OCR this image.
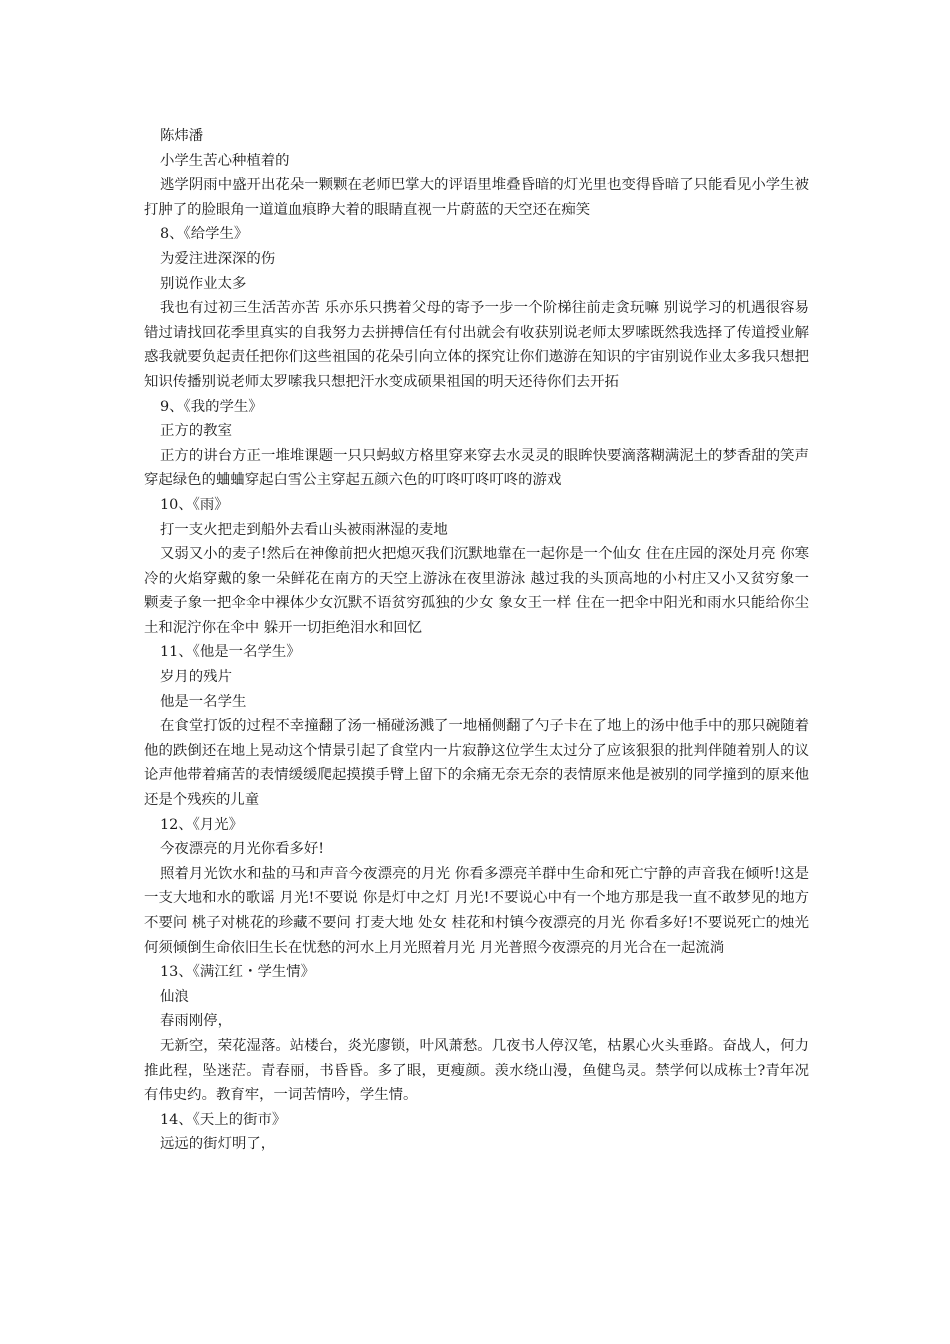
陈炜潘

小学生苦心种植着的

逃学阴雨中盛开出花朵一颗颗在老师巴掌大的评语里堆叠昏暗的灯光里也变得昏暗了只能看见小学生被打肿了的脸眼角一道道血痕睁大着的眼睛直视一片蔚蓝的天空还在痴笑

8、《给学生》

为爱注进深深的伤

别说作业太多

我也有过初三生活苦亦苦 乐亦乐只携着父母的寄予一步一个阶梯往前走贪玩嘛 别说学习的机遇很容易错过请找回花季里真实的自我努力去拼搏信任有付出就会有收获别说老师太罗嗦既然我选择了传道授业解惑我就要负起责任把你们这些祖国的花朵引向立体的探究让你们遨游在知识的宇宙别说作业太多我只想把知识传播别说老师太罗嗦我只想把汗水变成硕果祖国的明天还待你们去开拓

9、《我的学生》

正方的教室

正方的讲台方正一堆堆课题一只只蚂蚁方格里穿来穿去水灵灵的眼眸快要滴落糊满泥土的梦香甜的笑声穿起绿色的蛐蛐穿起白雪公主穿起五颜六色的叮咚叮咚叮咚的游戏

10、《雨》

打一支火把走到船外去看山头被雨淋湿的麦地

又弱又小的麦子!然后在神像前把火把熄灭我们沉默地靠在一起你是一个仙女 住在庄园的深处月亮 你寒冷的火焰穿戴的象一朵鲜花在南方的天空上游泳在夜里游泳 越过我的头顶高地的小村庄又小又贫穷象一颗麦子象一把伞伞中裸体少女沉默不语贫穷孤独的少女 象女王一样 住在一把伞中阳光和雨水只能给你尘土和泥泞你在伞中 躲开一切拒绝泪水和回忆

11、《他是一名学生》

岁月的残片

他是一名学生

在食堂打饭的过程不幸撞翻了汤一桶碰汤溅了一地桶侧翻了勺子卡在了地上的汤中他手中的那只碗随着他的跌倒还在地上晃动这个情景引起了食堂内一片寂静这位学生太过分了应该狠狠的批判伴随着别人的议论声他带着痛苦的表情缓缓爬起摸摸手臂上留下的余痛无奈无奈的表情原来他是被别的同学撞到的原来他还是个残疾的儿童

12、《月光》

今夜漂亮的月光你看多好!

照着月光饮水和盐的马和声音今夜漂亮的月光 你看多漂亮羊群中生命和死亡宁静的声音我在倾听!这是一支大地和水的歌谣 月光!不要说 你是灯中之灯 月光!不要说心中有一个地方那是我一直不敢梦见的地方不要问 桃子对桃花的珍藏不要问 打麦大地 处女 桂花和村镇今夜漂亮的月光 你看多好!不要说死亡的烛光何须倾倒生命依旧生长在忧愁的河水上月光照着月光 月光普照今夜漂亮的月光合在一起流淌

13、《满江红・学生情》

仙浪

春雨刚停，

无新空，荣花湿落。站楼台，炎光廖锁，叶风萧愁。几夜书人停汉笔，枯累心火头垂路。奋战人，何力推此程，坠迷茫。青春丽，书昏昏。多了眼，更瘦颜。羡水绕山漫，鱼健鸟灵。禁学何以成栋士?青年况有伟史约。教育牢，一词苦情吟，学生情。

14、《天上的街市》

远远的街灯明了，
